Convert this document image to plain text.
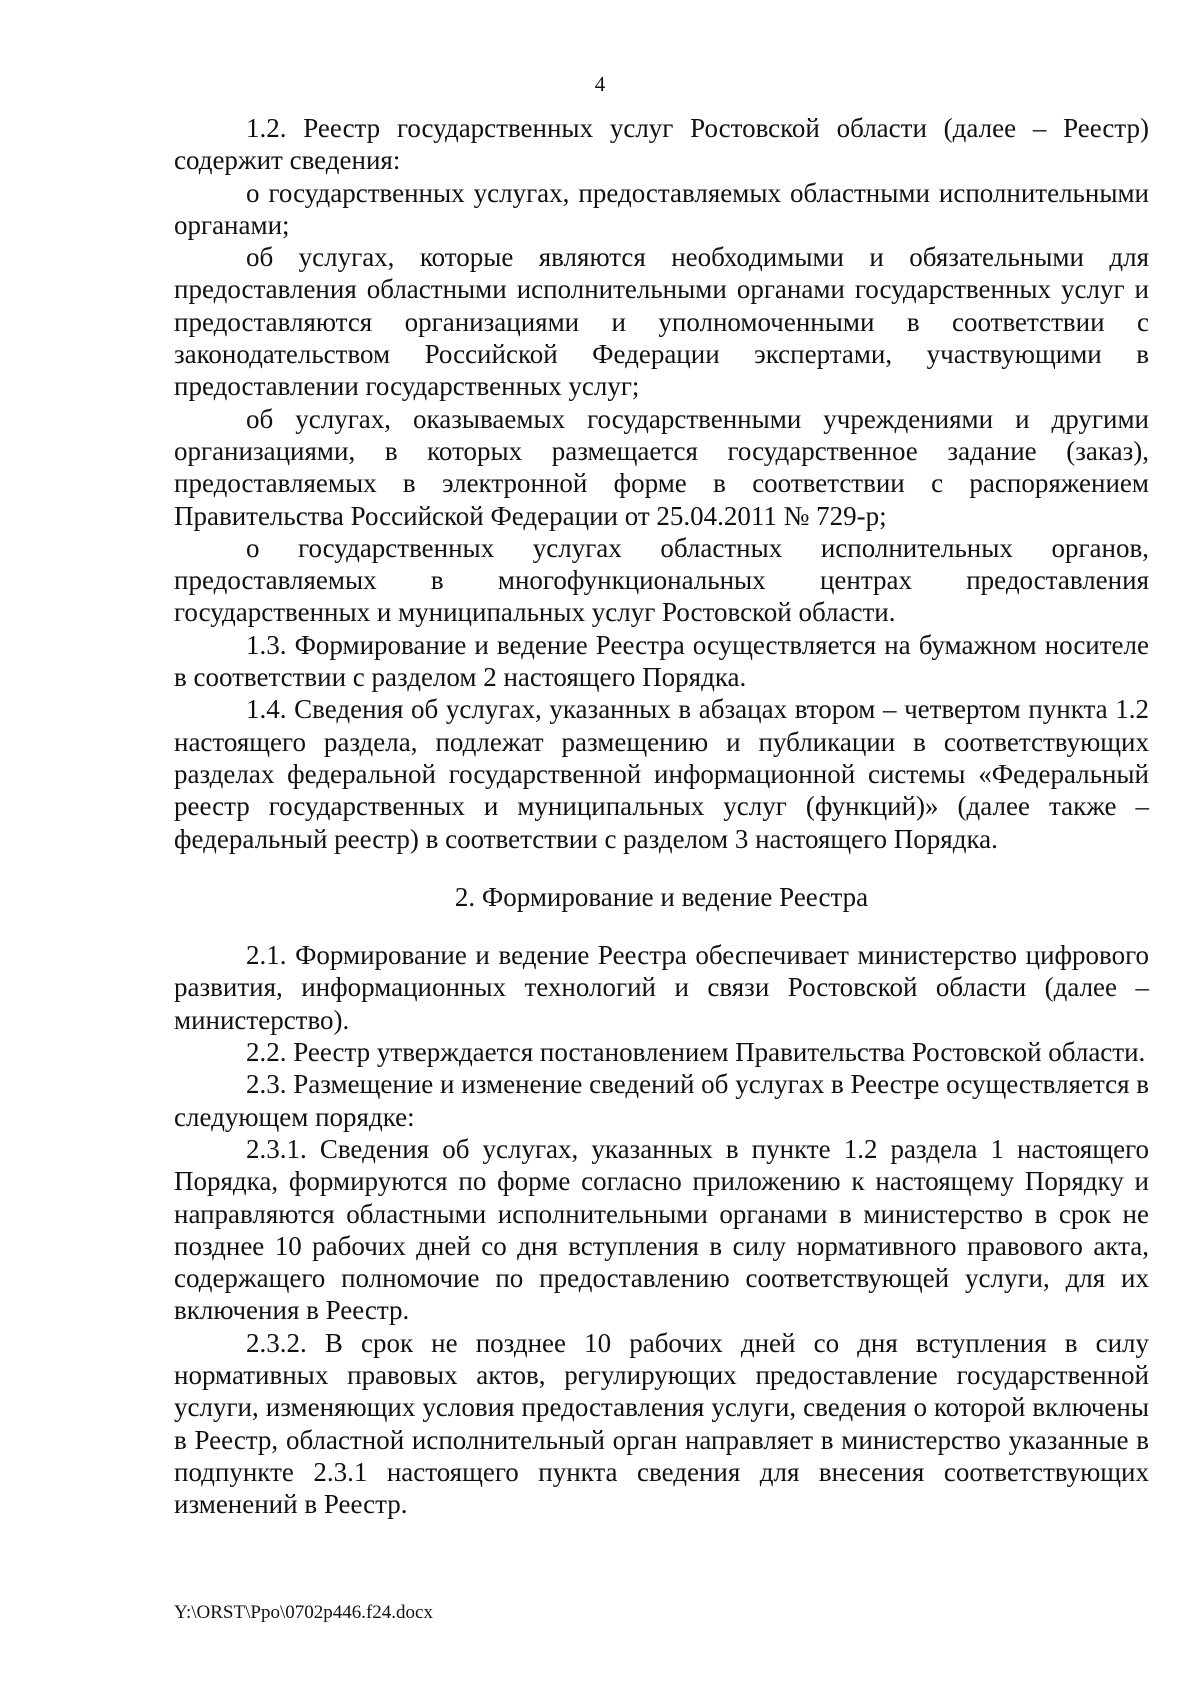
4

1.2. Реестр государственных услуг Ростовской области (далее – Реестр) содержит сведения:

о государственных услугах, предоставляемых областными исполнительными органами;

об услугах, которые являются необходимыми и обязательными для предоставления областными исполнительными органами государственных услуг и предоставляются организациями и уполномоченными в соответствии с законодательством Российской Федерации экспертами, участвующими в предоставлении государственных услуг;

об услугах, оказываемых государственными учреждениями и другими организациями, в которых размещается государственное задание (заказ), предоставляемых в электронной форме в соответствии с распоряжением Правительства Российской Федерации от 25.04.2011 № 729-р;

о государственных услугах областных исполнительных органов, предоставляемых в многофункциональных центрах предоставления государственных и муниципальных услуг Ростовской области.

1.3. Формирование и ведение Реестра осуществляется на бумажном носителе в соответствии с разделом 2 настоящего Порядка.

1.4. Сведения об услугах, указанных в абзацах втором – четвертом пункта 1.2 настоящего раздела, подлежат размещению и публикации в соответствующих разделах федеральной государственной информационной системы «Федеральный реестр государственных и муниципальных услуг (функций)» (далее также – федеральный реестр) в соответствии с разделом 3 настоящего Порядка.

2. Формирование и ведение Реестра

2.1. Формирование и ведение Реестра обеспечивает министерство цифрового развития, информационных технологий и связи Ростовской области (далее – министерство).

2.2. Реестр утверждается постановлением Правительства Ростовской области.

2.3. Размещение и изменение сведений об услугах в Реестре осуществляется в следующем порядке:

2.3.1. Сведения об услугах, указанных в пункте 1.2 раздела 1 настоящего Порядка, формируются по форме согласно приложению к настоящему Порядку и направляются областными исполнительными органами в министерство в срок не позднее 10 рабочих дней со дня вступления в силу нормативного правового акта, содержащего полномочие по предоставлению соответствующей услуги, для их включения в Реестр.

2.3.2. В срок не позднее 10 рабочих дней со дня вступления в силу нормативных правовых актов, регулирующих предоставление государственной услуги, изменяющих условия предоставления услуги, сведения о которой включены в Реестр, областной исполнительный орган направляет в министерство указанные в подпункте 2.3.1 настоящего пункта сведения для внесения соответствующих изменений в Реестр.

Y:\ORST\Ppo\0702p446.f24.docx
